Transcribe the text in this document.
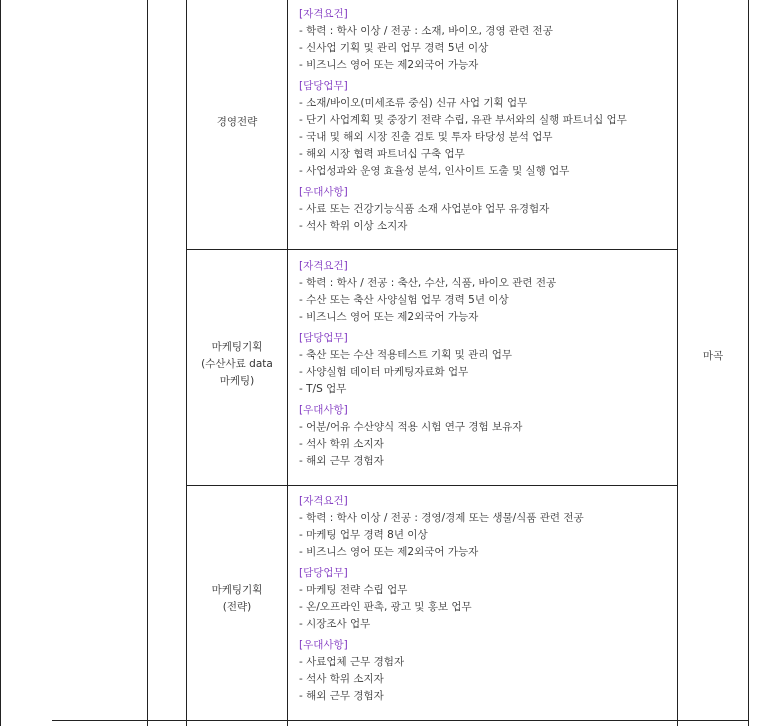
경영전략
[자격요건]
- 학력 : 학사 이상 / 전공 : 소재, 바이오, 경영 관련 전공
- 신사업 기획 및 관리 업무 경력 5년 이상
- 비즈니스 영어 또는 제2외국어 가능자
[담당업무]
- 소재/바이오(미세조류 중심) 신규 사업 기획 업무
- 단기 사업계획 및 중장기 전략 수립, 유관 부서와의 실행 파트너십 업무
- 국내 및 해외 시장 진출 검토 및 투자 타당성 분석 업무
- 해외 시장 협력 파트너십 구축 업무
- 사업성과와 운영 효율성 분석, 인사이트 도출 및 실행 업무
[우대사항]
- 사료 또는 건강기능식품 소재 사업분야 업무 유경험자
- 석사 학위 이상 소지자
마케팅기획
(수산사료 data
마케팅)
마곡
[자격요건]
- 학력 : 학사 / 전공 : 축산, 수산, 식품, 바이오 관련 전공
- 수산 또는 축산 사양실험 업무 경력 5년 이상
- 비즈니스 영어 또는 제2외국어 가능자
[담당업무]
- 축산 또는 수산 적용테스트 기획 및 관리 업무
- 사양실험 데이터 마케팅자료화 업무
- T/S 업무
[우대사항]
- 어분/어유 수산양식 적용 시험 연구 경험 보유자
- 석사 학위 소지자
- 해외 근무 경험자
마케팅기획
(전략)
[자격요건]
- 학력 : 학사 이상 / 전공 : 경영/경제 또는 생물/식품 관련 전공
- 마케팅 업무 경력 8년 이상
- 비즈니스 영어 또는 제2외국어 가능자
[담당업무]
- 마케팅 전략 수립 업무
- 온/오프라인 판촉, 광고 및 홍보 업무
- 시장조사 업무
[우대사항]
- 사료업체 근무 경험자
- 석사 학위 소지자
- 해외 근무 경험자
